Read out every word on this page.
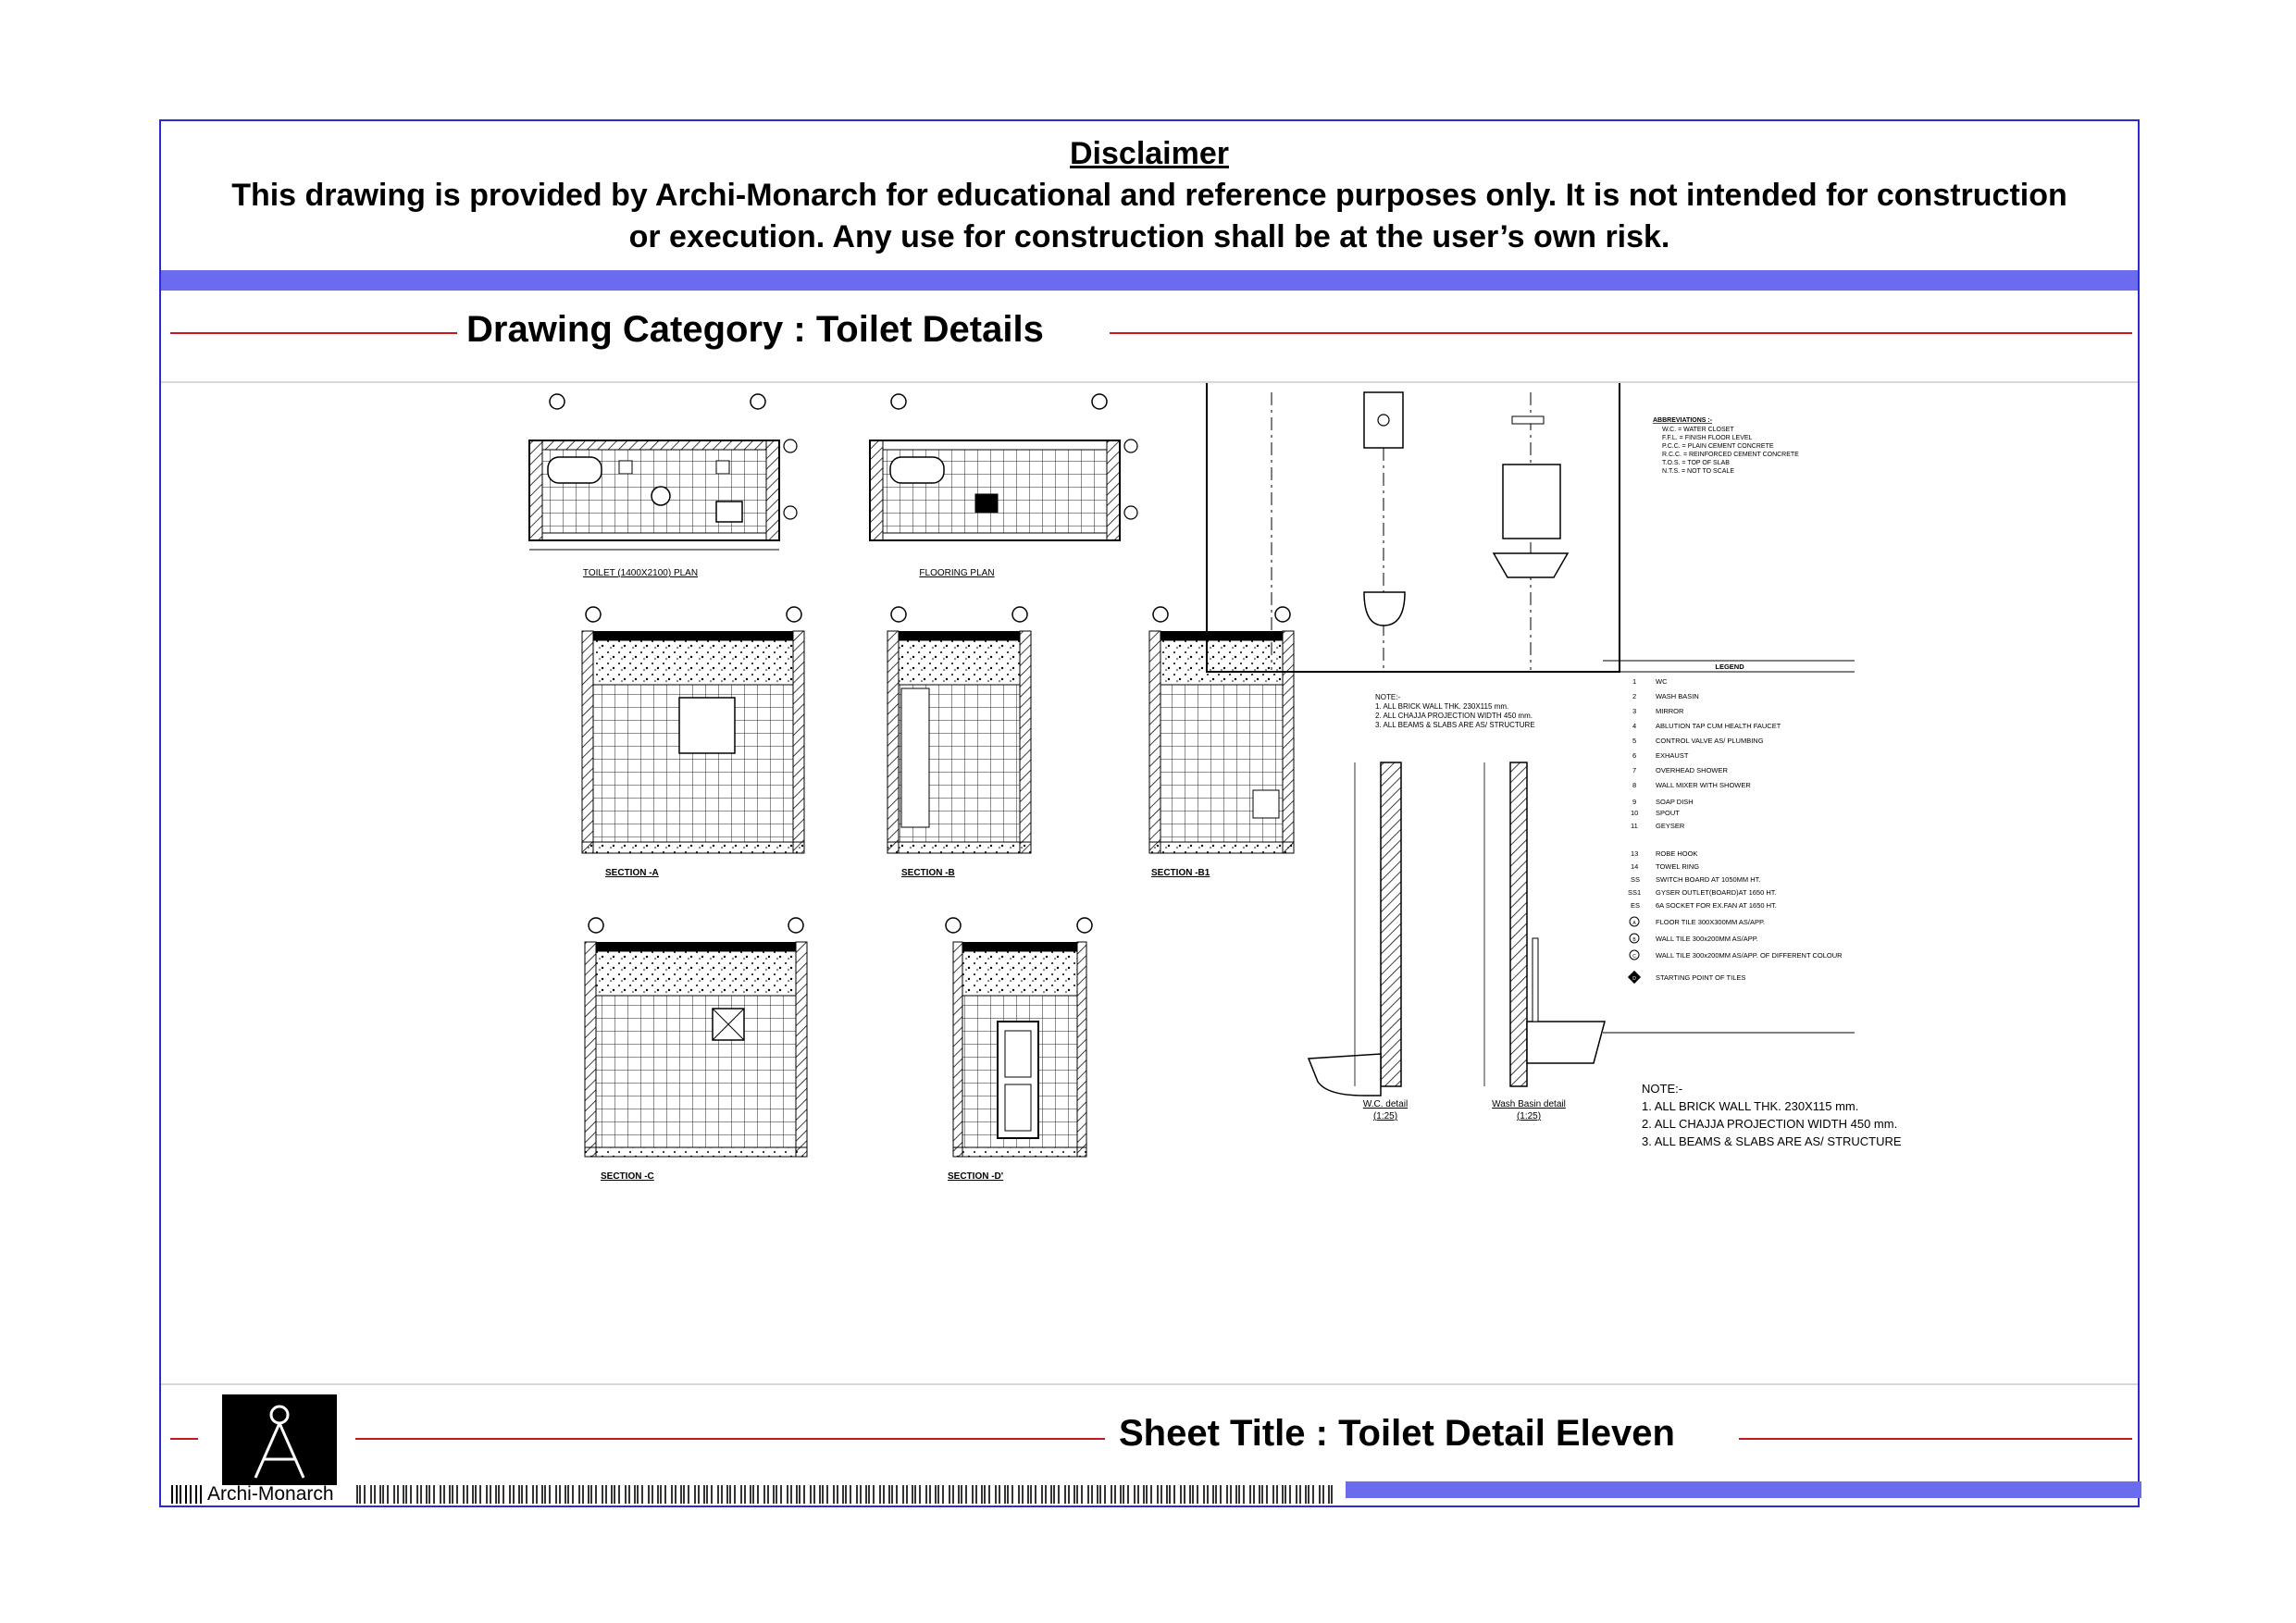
Disclaimer
This drawing is provided by Archi-Monarch for educational and reference purposes only. It is not intended for construction or execution. Any use for construction shall be at the user’s own risk.
Drawing Category : Toilet Details
TOILET (1400X2100) PLAN	FLOORING PLAN
SECTION -A	SECTION -B	SECTION -B1
SECTION -C	SECTION -D'
NOTE:-
1. ALL BRICK WALL THK. 230X115 mm.
2. ALL CHAJJA PROJECTION WIDTH 450 mm.
3. ALL BEAMS & SLABS ARE AS/ STRUCTURE
ABBREVIATIONS :-
W.C. = WATER CLOSET
F.F.L. = FINISH FLOOR LEVEL
P.C.C. = PLAIN CEMENT CONCRETE
R.C.C. = REINFORCED CEMENT CONCRETE
T.O.S. = TOP OF SLAB
N.T.S. = NOT TO SCALE
W.C. detail
(1:25)
Wash Basin detail
(1:25)
LEGEND
1	WC
2	WASH BASIN
3	MIRROR
4	ABLUTION TAP CUM HEALTH FAUCET
5	CONTROL VALVE AS/ PLUMBING
6	EXHAUST
7	OVERHEAD SHOWER
8	WALL MIXER WITH SHOWER
9	SOAP DISH
10 SPOUT
11	GEYSER
13 ROBE HOOK
14 TOWEL RING
SS SWITCH BOARD AT 1050MM HT.
SS1 GYSER OUTLET(BOARD)AT 1650 HT.
ES 6A SOCKET FOR EX.FAN AT 1650 HT.
A	FLOOR TILE 300X300MM AS/APP.
B	WALL TILE 300x200MM AS/APP.
C	WALL TILE 300x200MM AS/APP. OF DIFFERENT COLOUR
D	STARTING POINT OF TILES
NOTE:-
1. ALL BRICK WALL THK. 230X115 mm.
2. ALL CHAJJA PROJECTION WIDTH 450 mm.
3. ALL BEAMS & SLABS ARE AS/ STRUCTURE
Sheet Title : Toilet Detail Eleven
Archi-Monarch
